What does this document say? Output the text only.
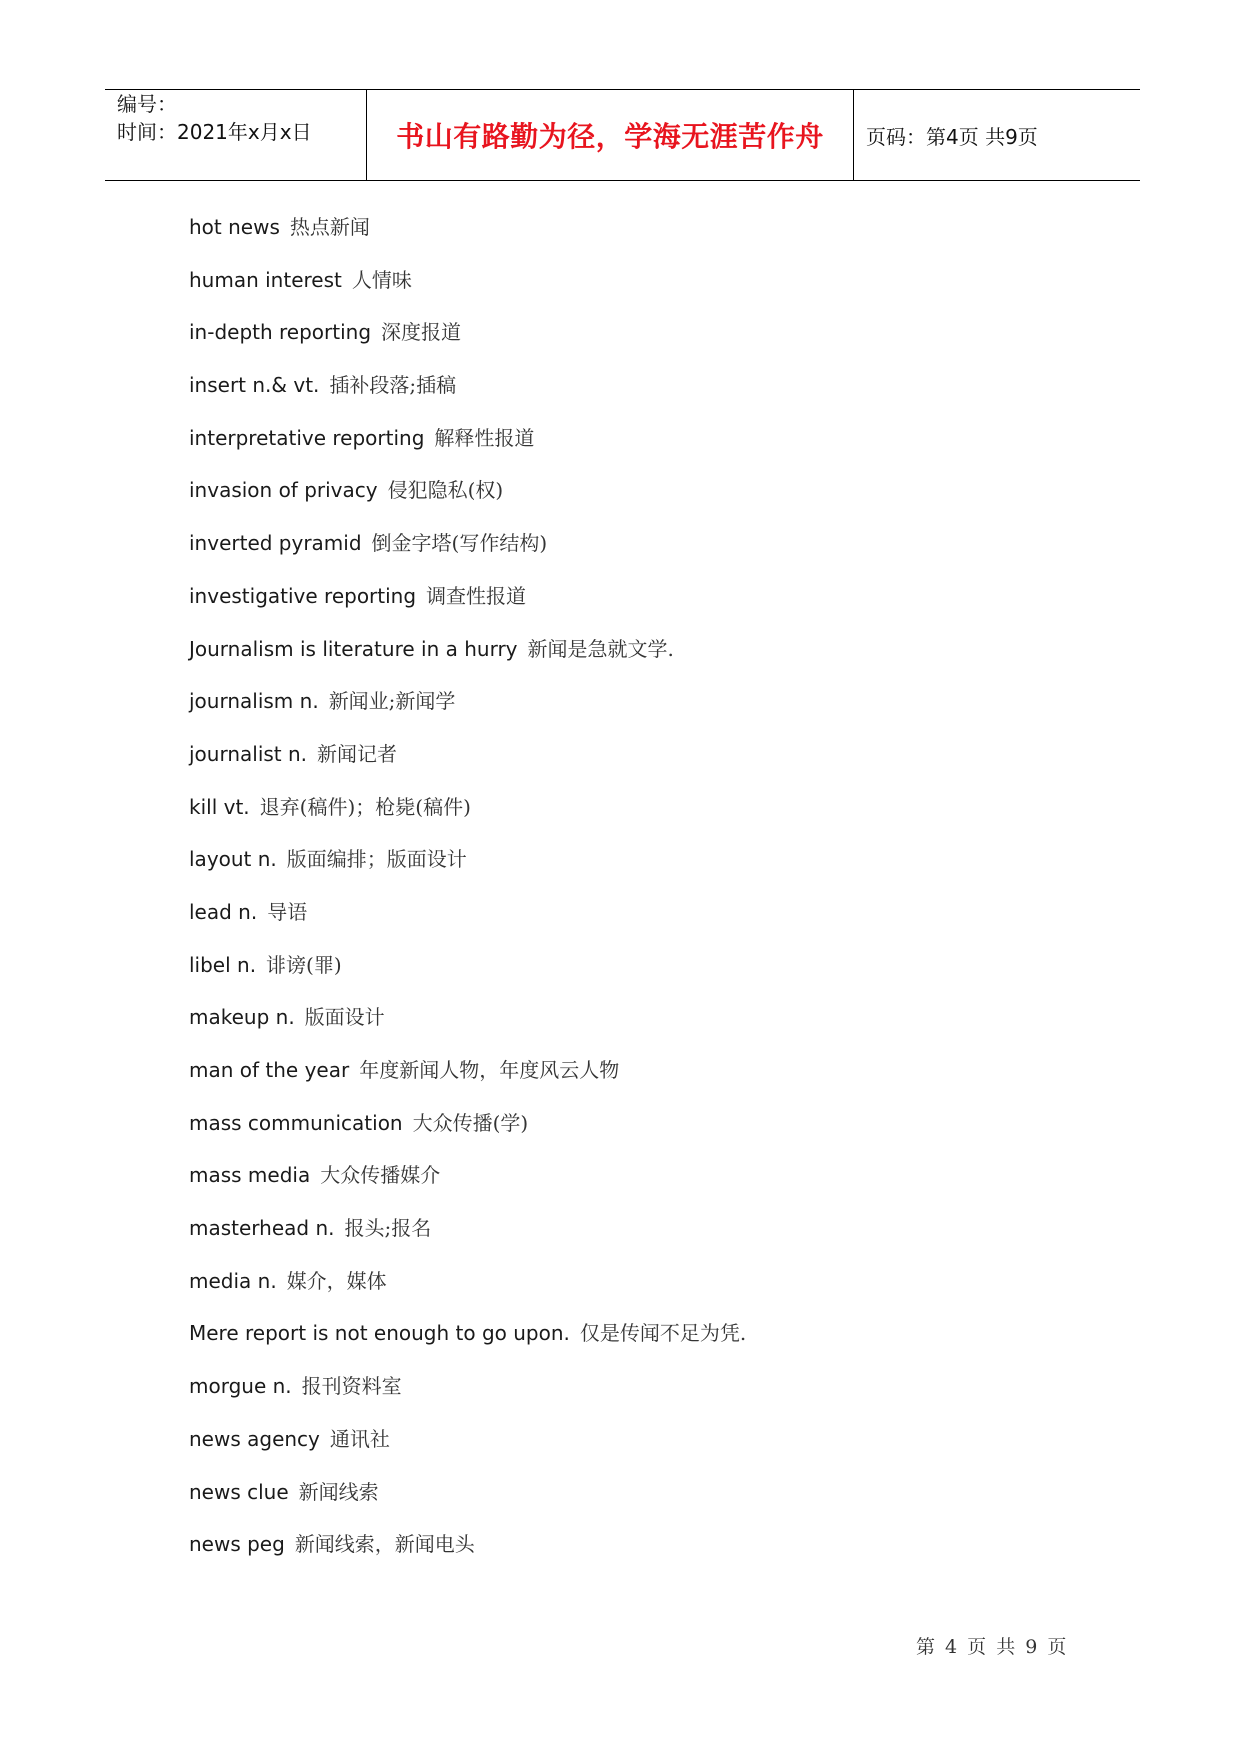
编号：
时间：2021年x月x日	书山有路勤为径，学海无涯苦作舟 页码：第4页 共9页
hot news 热点新闻
human interest 人情味
in-depth reporting 深度报道
insert n.& vt. 插补段落;插稿
interpretative reporting 解释性报道
invasion of privacy 侵犯隐私(权)
inverted pyramid 倒金字塔(写作结构)
investigative reporting 调查性报道
Journalism is literature in a hurry 新闻是急就文学.
journalism n. 新闻业;新闻学
journalist n. 新闻记者
kill vt. 退弃(稿件)；枪毙(稿件)
layout n. 版面编排；版面设计
lead n. 导语
libel n. 诽谤(罪)
makeup n. 版面设计
man of the year 年度新闻人物，年度风云人物
mass communication 大众传播(学)
mass media 大众传播媒介
masterhead n. 报头;报名
media n. 媒介，媒体
Mere report is not enough to go upon. 仅是传闻不足为凭.
morgue n. 报刊资料室
news agency 通讯社
news clue 新闻线索
news peg 新闻线索，新闻电头
第 4 页 共 9 页
